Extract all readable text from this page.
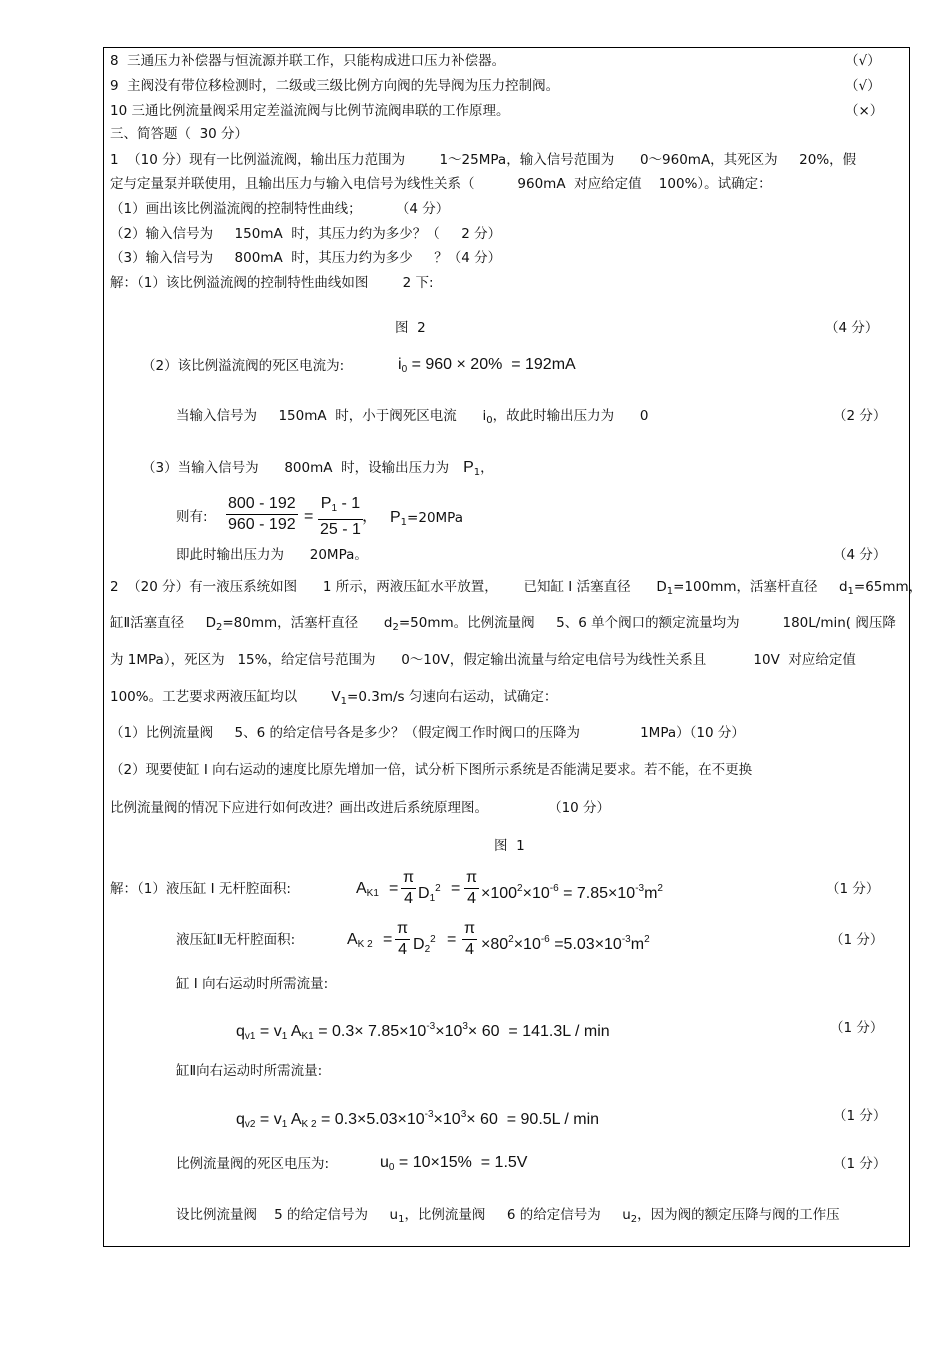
8  三通压力补偿器与恒流源并联工作，只能构成进口压力补偿器。	（√）
9  主阀没有带位移检测时，二级或三级比例方向阀的先导阀为压力控制阀。	（√）
10 三通比例流量阀采用定差溢流阀与比例节流阀串联的工作原理。	（×）
三、简答题（  30 分）
1  （10 分）现有一比例溢流阀，输出压力范围为        1～25MPa，输入信号范围为      0～960mA，其死区为     20%，假
定与定量泵并联使用，且输出压力与输入电信号为线性关系（          960mA  对应给定值    100%）。试确定：
（1）画出该比例溢流阀的控制特性曲线；        （4 分）
（2）输入信号为     150mA  时，其压力约为多少？（     2 分）
（3）输入信号为     800mA  时，其压力约为多少     ？（4 分）
解：（1）该比例溢流阀的控制特性曲线如图        2 下:
图  2	（4 分）
（2）该比例溢流阀的死区电流为:	$i_0 = 960 \times 20\% = 192mA$
当输入信号为     150mA  时，小于阀死区电流      $i_0$，故此时输出压力为      0	（2 分）
（3）当输入信号为      800mA  时，设输出压力为 $P_1$，
则有: $\frac{800 - 192}{960 - 192} = \frac{P_1 - 1}{25 - 1}$ ， $P_1=20MPa$
即此时输出压力为      20MPa。	（4 分）
2  （20 分）有一液压系统如图      1 所示，两液压缸水平放置，      已知缸 I 活塞直径      $D_1=100mm$，活塞杆直径     $d_1=65mm$，
缸Ⅱ活塞直径     $D_2=80mm$，活塞杆直径      $d_2=50mm$。比例流量阀     5、6 单个阀口的额定流量均为          180L/min( 阀压降
为 1MPa），死区为   15%，给定信号范围为      0～10V，假定输出流量与给定电信号为线性关系且           10V  对应给定值
100%。工艺要求两液压缸均以        $V_1=0.3m/s$ 匀速向右运动，试确定：
（1）比例流量阀     5、6 的给定信号各是多少？（假定阀工作时阀口的压降为              1MPa）（10 分）
（2）现要使缸 I 向右运动的速度比原先增加一倍，试分析下图所示系统是否能满足要求。若不能，在不更换
比例流量阀的情况下应进行如何改进？画出改进后系统原理图。              （10 分）
图  1
解：（1）液压缸 I 无杆腔面积:	$A_{K1} = \frac{\pi}{4} D_1^2 = \frac{\pi}{4} \times 100^2\times 10^{-6} = 7.85\times 10^{-3}m^2$	（1 分）
液压缸Ⅱ无杆腔面积:	$A_{K 2} = \frac{\pi}{4} D_2^2 = \frac{\pi}{4} \times 80^2\times 10^{-6} =5.03\times 10^{-3}m^2$	（1 分）
缸 I 向右运动时所需流量:
$q_{v1} = v_1$ $A_{K1} = 0.3\times 7.85\times 10^{-3}\times 10^3\times 60 = 141.3L / \min$	（1 分）
缸Ⅱ向右运动时所需流量:
$q_{v2} = v_1$ $A_{K 2} = 0.3\times 5.03\times 10^{-3}\times 10^3\times 60 = 90.5L / \min$	（1 分）
比例流量阀的死区电压为:	$u_0 = 10\times 15\% = 1.5V$	（1 分）
设比例流量阀    5 的给定信号为     $u_1$，比例流量阀     6 的给定信号为     $u_2$，因为阀的额定压降与阀的工作压
